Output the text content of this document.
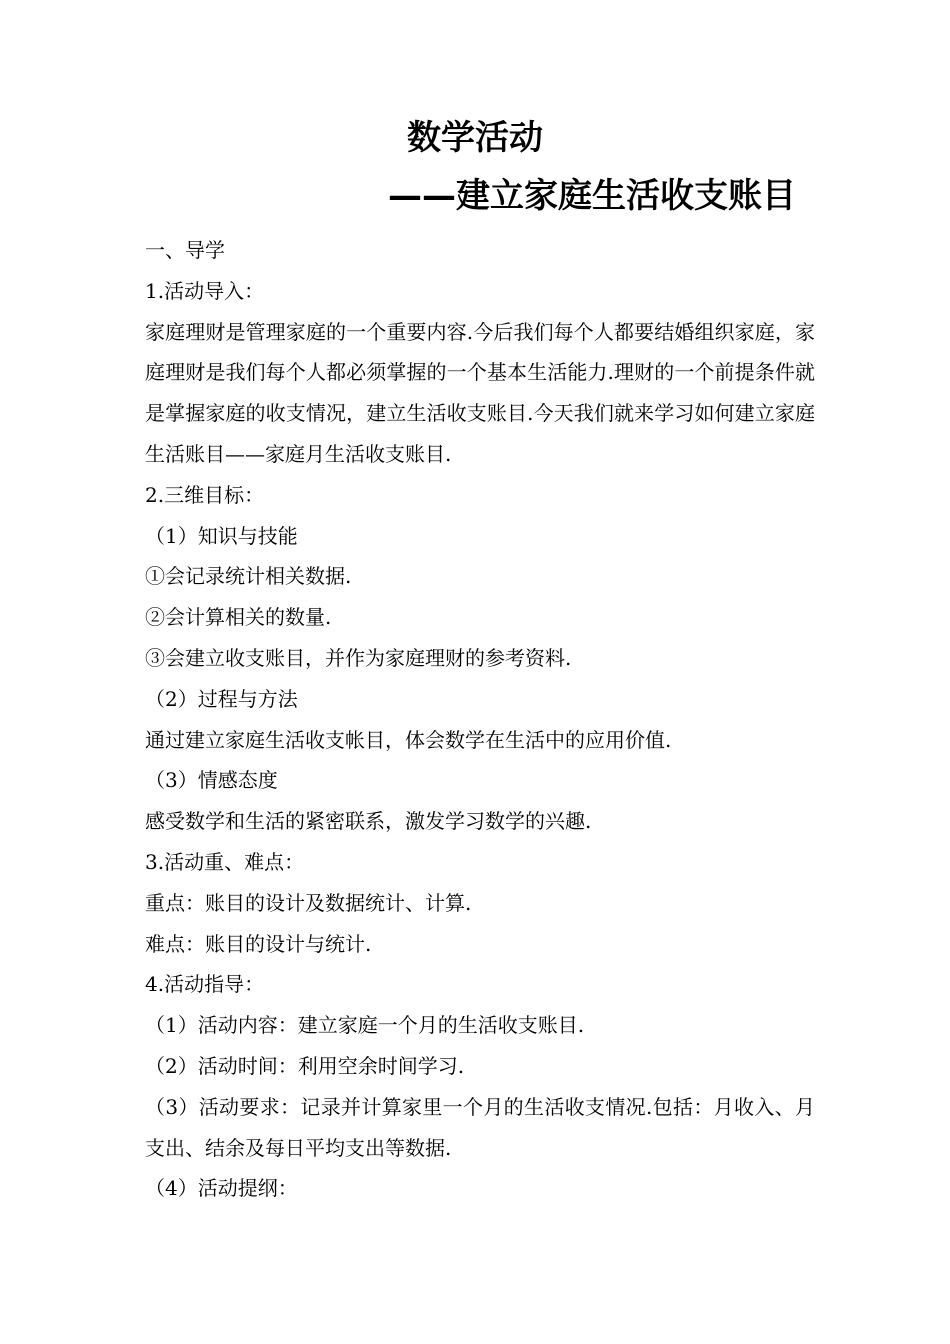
数学活动
——建立家庭生活收支账目
一、导学
1.活动导入：
家庭理财是管理家庭的一个重要内容.今后我们每个人都要结婚组织家庭，家庭理财是我们每个人都必须掌握的一个基本生活能力.理财的一个前提条件就是掌握家庭的收支情况，建立生活收支账目.今天我们就来学习如何建立家庭生活账目——家庭月生活收支账目.
2.三维目标：
（1）知识与技能
①会记录统计相关数据.
②会计算相关的数量.
③会建立收支账目，并作为家庭理财的参考资料.
（2）过程与方法
通过建立家庭生活收支帐目，体会数学在生活中的应用价值.
（3）情感态度
感受数学和生活的紧密联系，激发学习数学的兴趣.
3.活动重、难点：
重点：账目的设计及数据统计、计算.
难点：账目的设计与统计.
4.活动指导：
（1）活动内容：建立家庭一个月的生活收支账目.
（2）活动时间：利用空余时间学习.
（3）活动要求：记录并计算家里一个月的生活收支情况.包括：月收入、月支出、结余及每日平均支出等数据.
（4）活动提纲：
